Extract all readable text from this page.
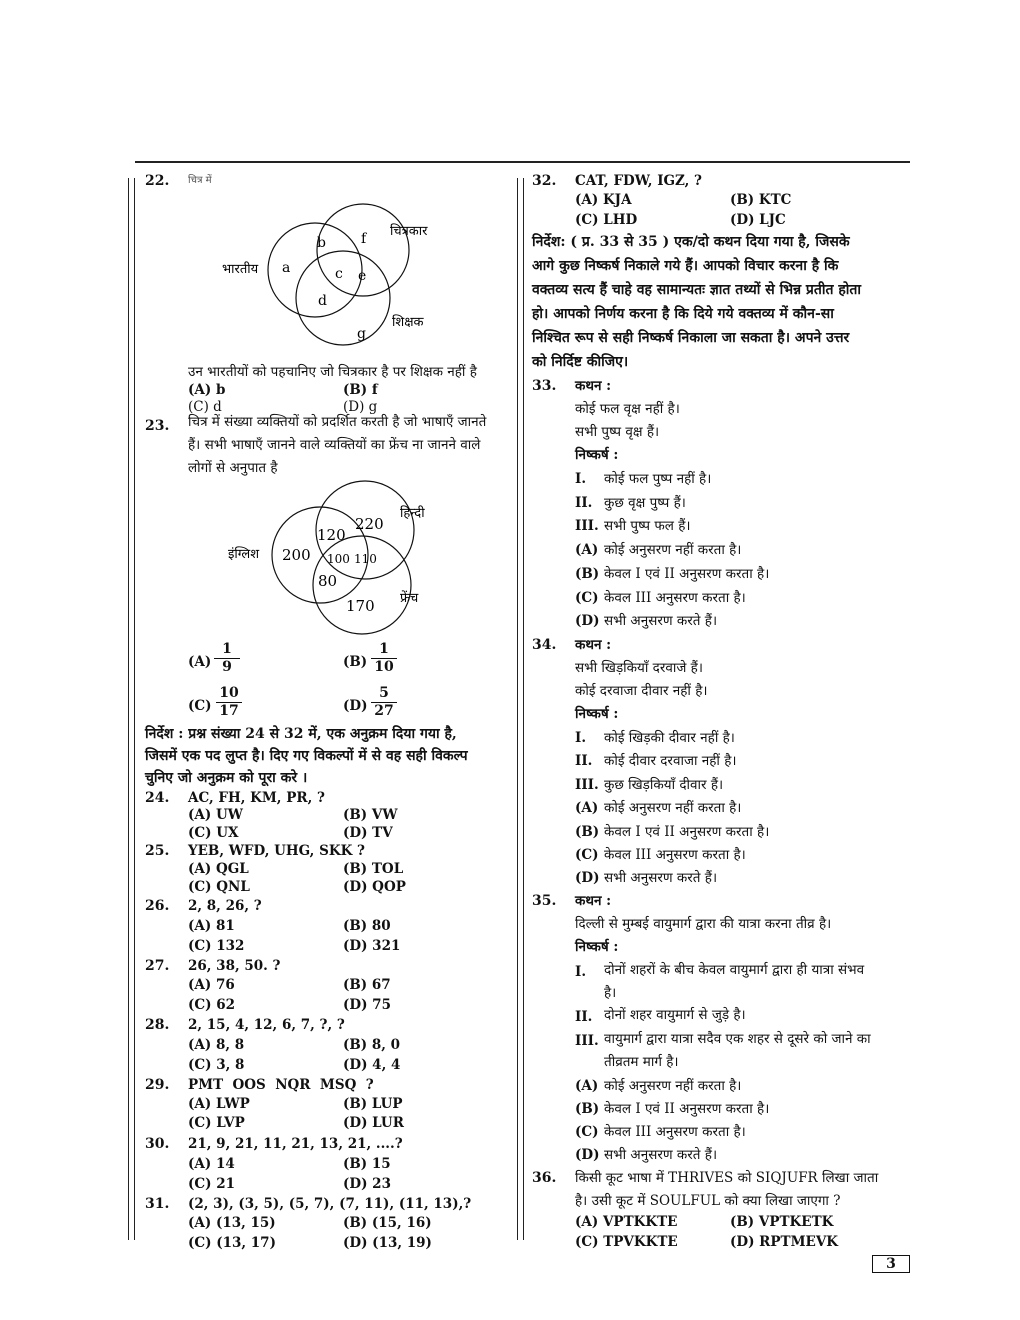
22. चित्र में
भारतीय
चित्रकार
शिक्षक
a
b	f
c e
d
g
उन भारतीयों को पहचानिए जो चित्रकार है पर शिक्षक नहीं है
(A) b	(B) f
(C) d	(D) g
23. चित्र में संख्या व्यक्तियों को प्रदर्शित करती है जो भाषाएँ जानते
हैं। सभी भाषाएँ जानने वाले व्यक्तियों का फ्रेंच ना जानने वाले
लोगों से अनुपात है
इंग्लिश
हिन्दी
फ्रेंच
200
120
220
100 110
80
170
$(A) \frac{1}{9}$	$(B) \frac{1}{10}$
$(C) \frac{10}{17}$	$(D) \frac{5}{27}$
निर्देश : प्रश्न संख्या 24 से 32 में, एक अनुक्रम दिया गया है,
जिसमें एक पद लुप्त है। दिए गए विकल्पों में से वह सही विकल्प
चुनिए जो अनुक्रम को पूरा करे ।
24. AC, FH, KM, PR, ?
(A) UW	(B) VW
(C) UX	(D) TV
25. YEB, WFD, UHG, SKK ?
(A) QGL	(B) TOL
(C) QNL	(D) QOP
26. 2, 8, 26, ?
(A) 81	(B) 80
(C) 132	(D) 321
27. 26, 38, 50. ?
(A) 76	(B) 67
(C) 62	(D) 75
28. 2, 15, 4, 12, 6, 7, ?, ?
(A) 8, 8	(B) 8, 0
(C) 3, 8	(D) 4, 4
29. PMT  OOS  NQR  MSQ  ?
(A) LWP	(B) LUP
(C) LVP	(D) LUR
30. 21, 9, 21, 11, 21, 13, 21, ....?
(A) 14	(B) 15
(C) 21	(D) 23
31. (2, 3), (3, 5), (5, 7), (7, 11), (11, 13),?
(A) (13, 15)	(B) (15, 16)
(C) (13, 17)	(D) (13, 19)
32. CAT, FDW, IGZ, ?
(A) KJA	(B) KTC
(C) LHD	(D) LJC
निर्देश: ( प्र. 33 से 35 ) एक/दो कथन दिया गया है, जिसके
आगे कुछ निष्कर्ष निकाले गये हैं। आपको विचार करना है कि
वक्तव्य सत्य हैं चाहे वह सामान्यतः ज्ञात तथ्यों से भिन्न प्रतीत होता
हो। आपको निर्णय करना है कि दिये गये वक्तव्य में कौन-सा
निश्चित रूप से सही निष्कर्ष निकाला जा सकता है। अपने उत्तर
को निर्दिष्ट कीजिए।
33. कथन :
कोई फल वृक्ष नहीं है।
सभी पुष्प वृक्ष हैं।
निष्कर्ष :
I. कोई फल पुष्प नहीं है।
II. कुछ वृक्ष पुष्प हैं।
III. सभी पुष्प फल हैं।
(A) कोई अनुसरण नहीं करता है।
(B) केवल I एवं II अनुसरण करता है।
(C) केवल III अनुसरण करता है।
(D) सभी अनुसरण करते हैं।
34. कथन :
सभी खिड़कियाँ दरवाजे हैं।
कोई दरवाजा दीवार नहीं है।
निष्कर्ष :
I. कोई खिड़की दीवार नहीं है।
II. कोई दीवार दरवाजा नहीं है।
III. कुछ खिड़कियाँ दीवार हैं।
(A) कोई अनुसरण नहीं करता है।
(B) केवल I एवं II अनुसरण करता है।
(C) केवल III अनुसरण करता है।
(D) सभी अनुसरण करते हैं।
35. कथन :
दिल्ली से मुम्बई वायुमार्ग द्वारा की यात्रा करना तीव्र है।
निष्कर्ष :
I. दोनों शहरों के बीच केवल वायुमार्ग द्वारा ही यात्रा संभव
है।
II. दोनों शहर वायुमार्ग से जुड़े है।
III. वायुमार्ग द्वारा यात्रा सदैव एक शहर से दूसरे को जाने का
तीव्रतम मार्ग है।
(A) कोई अनुसरण नहीं करता है।
(B) केवल I एवं II अनुसरण करता है।
(C) केवल III अनुसरण करता है।
(D) सभी अनुसरण करते हैं।
36. किसी कूट भाषा में THRIVES को SIQJUFR लिखा जाता
है। उसी कूट में SOULFUL को क्या लिखा जाएगा ?
(A) VPTKKTE	(B) VPTKETK
(C) TPVKKTE	(D) RPTMEVK
3
